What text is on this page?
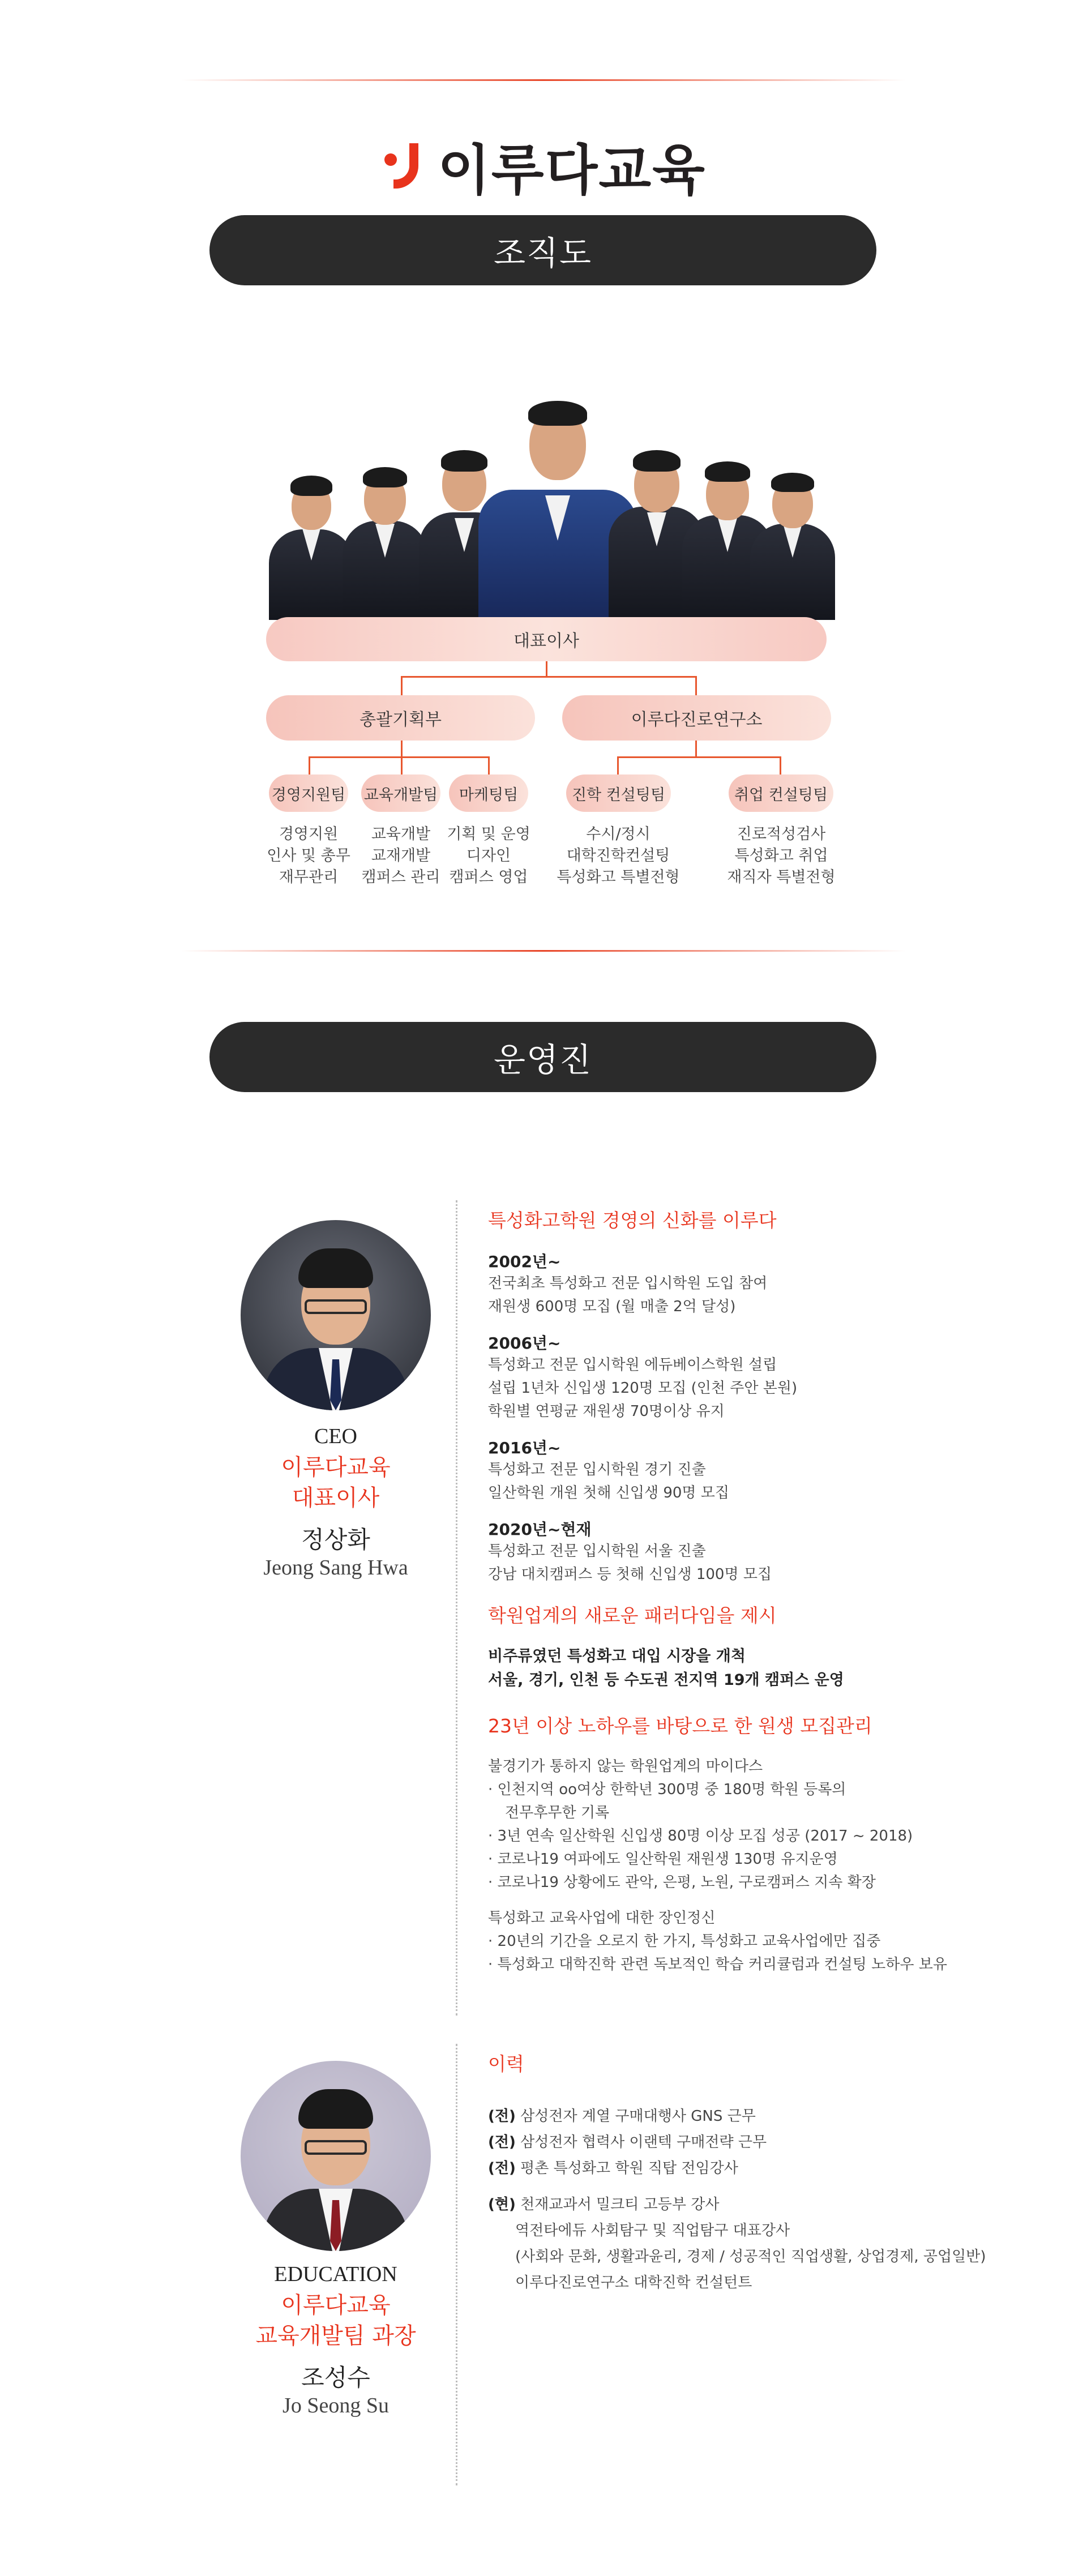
이루다교육
조직도
대표이사
총괄기획부	이루다진로연구소
경영지원팀 교육개발팀	마케팅팀	진학 컨설팅팀	취업 컨설팅팀
경영지원
인사 및 총무
재무관리
교육개발
교재개발
캠퍼스 관리
기획 및 운영
디자인
캠퍼스 영업
수시/정시
대학진학컨설팅
특성화고 특별전형
진로적성검사
특성화고 취업
재직자 특별전형
운영진
CEO
이루다교육
대표이사
정상화
Jeong Sang Hwa
특성화고학원 경영의 신화를 이루다
2002년~
전국최초 특성화고 전문 입시학원 도입 참여
재원생 600명 모집 (월 매출 2억 달성)
2006년~
특성화고 전문 입시학원 에듀베이스학원 설립
설립 1년차 신입생 120명 모집 (인천 주안 본원)
학원별 연평균 재원생 70명이상 유지
2016년~
특성화고 전문 입시학원 경기 진출
일산학원 개원 첫해 신입생 90명 모집
2020년~현재
특성화고 전문 입시학원 서울 진출
강남 대치캠퍼스 등 첫해 신입생 100명 모집
학원업계의 새로운 패러다임을 제시
비주류였던 특성화고 대입 시장을 개척
서울, 경기, 인천 등 수도권 전지역 19개 캠퍼스 운영
23년 이상 노하우를 바탕으로 한 원생 모집관리
불경기가 통하지 않는 학원업계의 마이다스
· 인천지역 oo여상 한학년 300명 중 180명 학원 등록의
전무후무한 기록
· 3년 연속 일산학원 신입생 80명 이상 모집 성공 (2017 ~ 2018)
· 코로나19 여파에도 일산학원 재원생 130명 유지운영
· 코로나19 상황에도 관악, 은평, 노원, 구로캠퍼스 지속 확장
특성화고 교육사업에 대한 장인정신
· 20년의 기간을 오로지 한 가지, 특성화고 교육사업에만 집중
· 특성화고 대학진학 관련 독보적인 학습 커리큘럼과 컨설팅 노하우 보유
EDUCATION
이루다교육
교육개발팀 과장
조성수
Jo Seong Su
이력
(전) 삼성전자 계열 구매대행사 GNS 근무
(전) 삼성전자 협력사 이랜텍 구매전략 근무
(전) 평촌 특성화고 학원 직탑 전임강사
(현) 천재교과서 밀크티 고등부 강사
역전타에듀 사회탐구 및 직업탐구 대표강사
(사회와 문화, 생활과윤리, 경제 / 성공적인 직업생활, 상업경제, 공업일반)
이루다진로연구소 대학진학 컨설턴트
